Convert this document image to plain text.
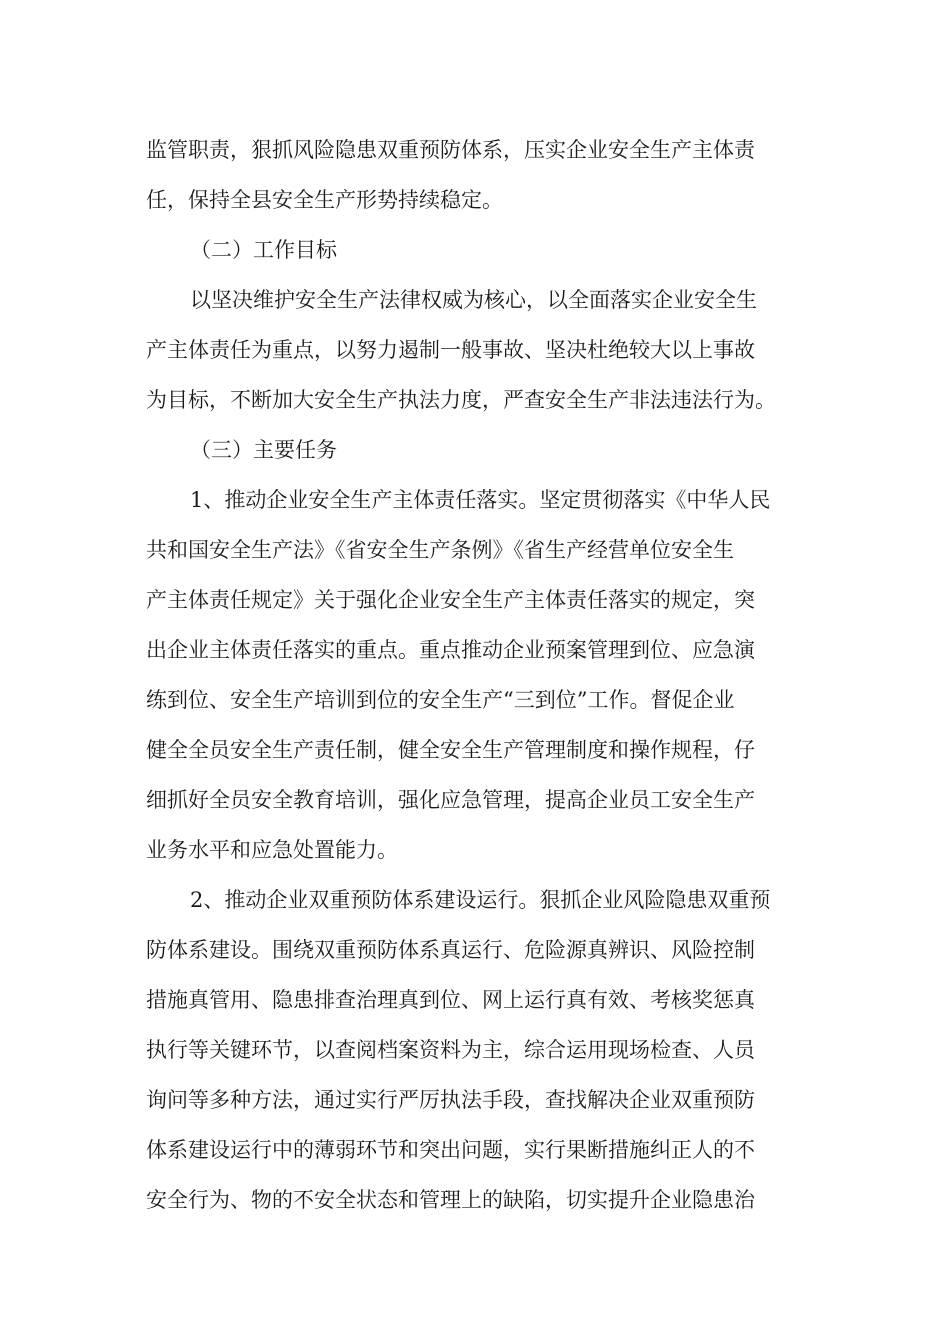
监管职责，狠抓风险隐患双重预防体系，压实企业安全生产主体责
任，保持全县安全生产形势持续稳定。
（二）工作目标
以坚决维护安全生产法律权威为核心，以全面落实企业安全生
产主体责任为重点，以努力遏制一般事故、坚决杜绝较大以上事故
为目标，不断加大安全生产执法力度，严查安全生产非法违法行为。
（三）主要任务
1、推动企业安全生产主体责任落实。坚定贯彻落实《中华人民
共和国安全生产法》《省安全生产条例》《省生产经营单位安全生
产主体责任规定》关于强化企业安全生产主体责任落实的规定，突
出企业主体责任落实的重点。重点推动企业预案管理到位、应急演
练到位、安全生产培训到位的安全生产“三到位”工作。督促企业
健全全员安全生产责任制，健全安全生产管理制度和操作规程，仔
细抓好全员安全教育培训，强化应急管理，提高企业员工安全生产
业务水平和应急处置能力。
2、推动企业双重预防体系建设运行。狠抓企业风险隐患双重预
防体系建设。围绕双重预防体系真运行、危险源真辨识、风险控制
措施真管用、隐患排查治理真到位、网上运行真有效、考核奖惩真
执行等关键环节，以查阅档案资料为主，综合运用现场检查、人员
询问等多种方法，通过实行严厉执法手段，查找解决企业双重预防
体系建设运行中的薄弱环节和突出问题，实行果断措施纠正人的不
安全行为、物的不安全状态和管理上的缺陷，切实提升企业隐患治
